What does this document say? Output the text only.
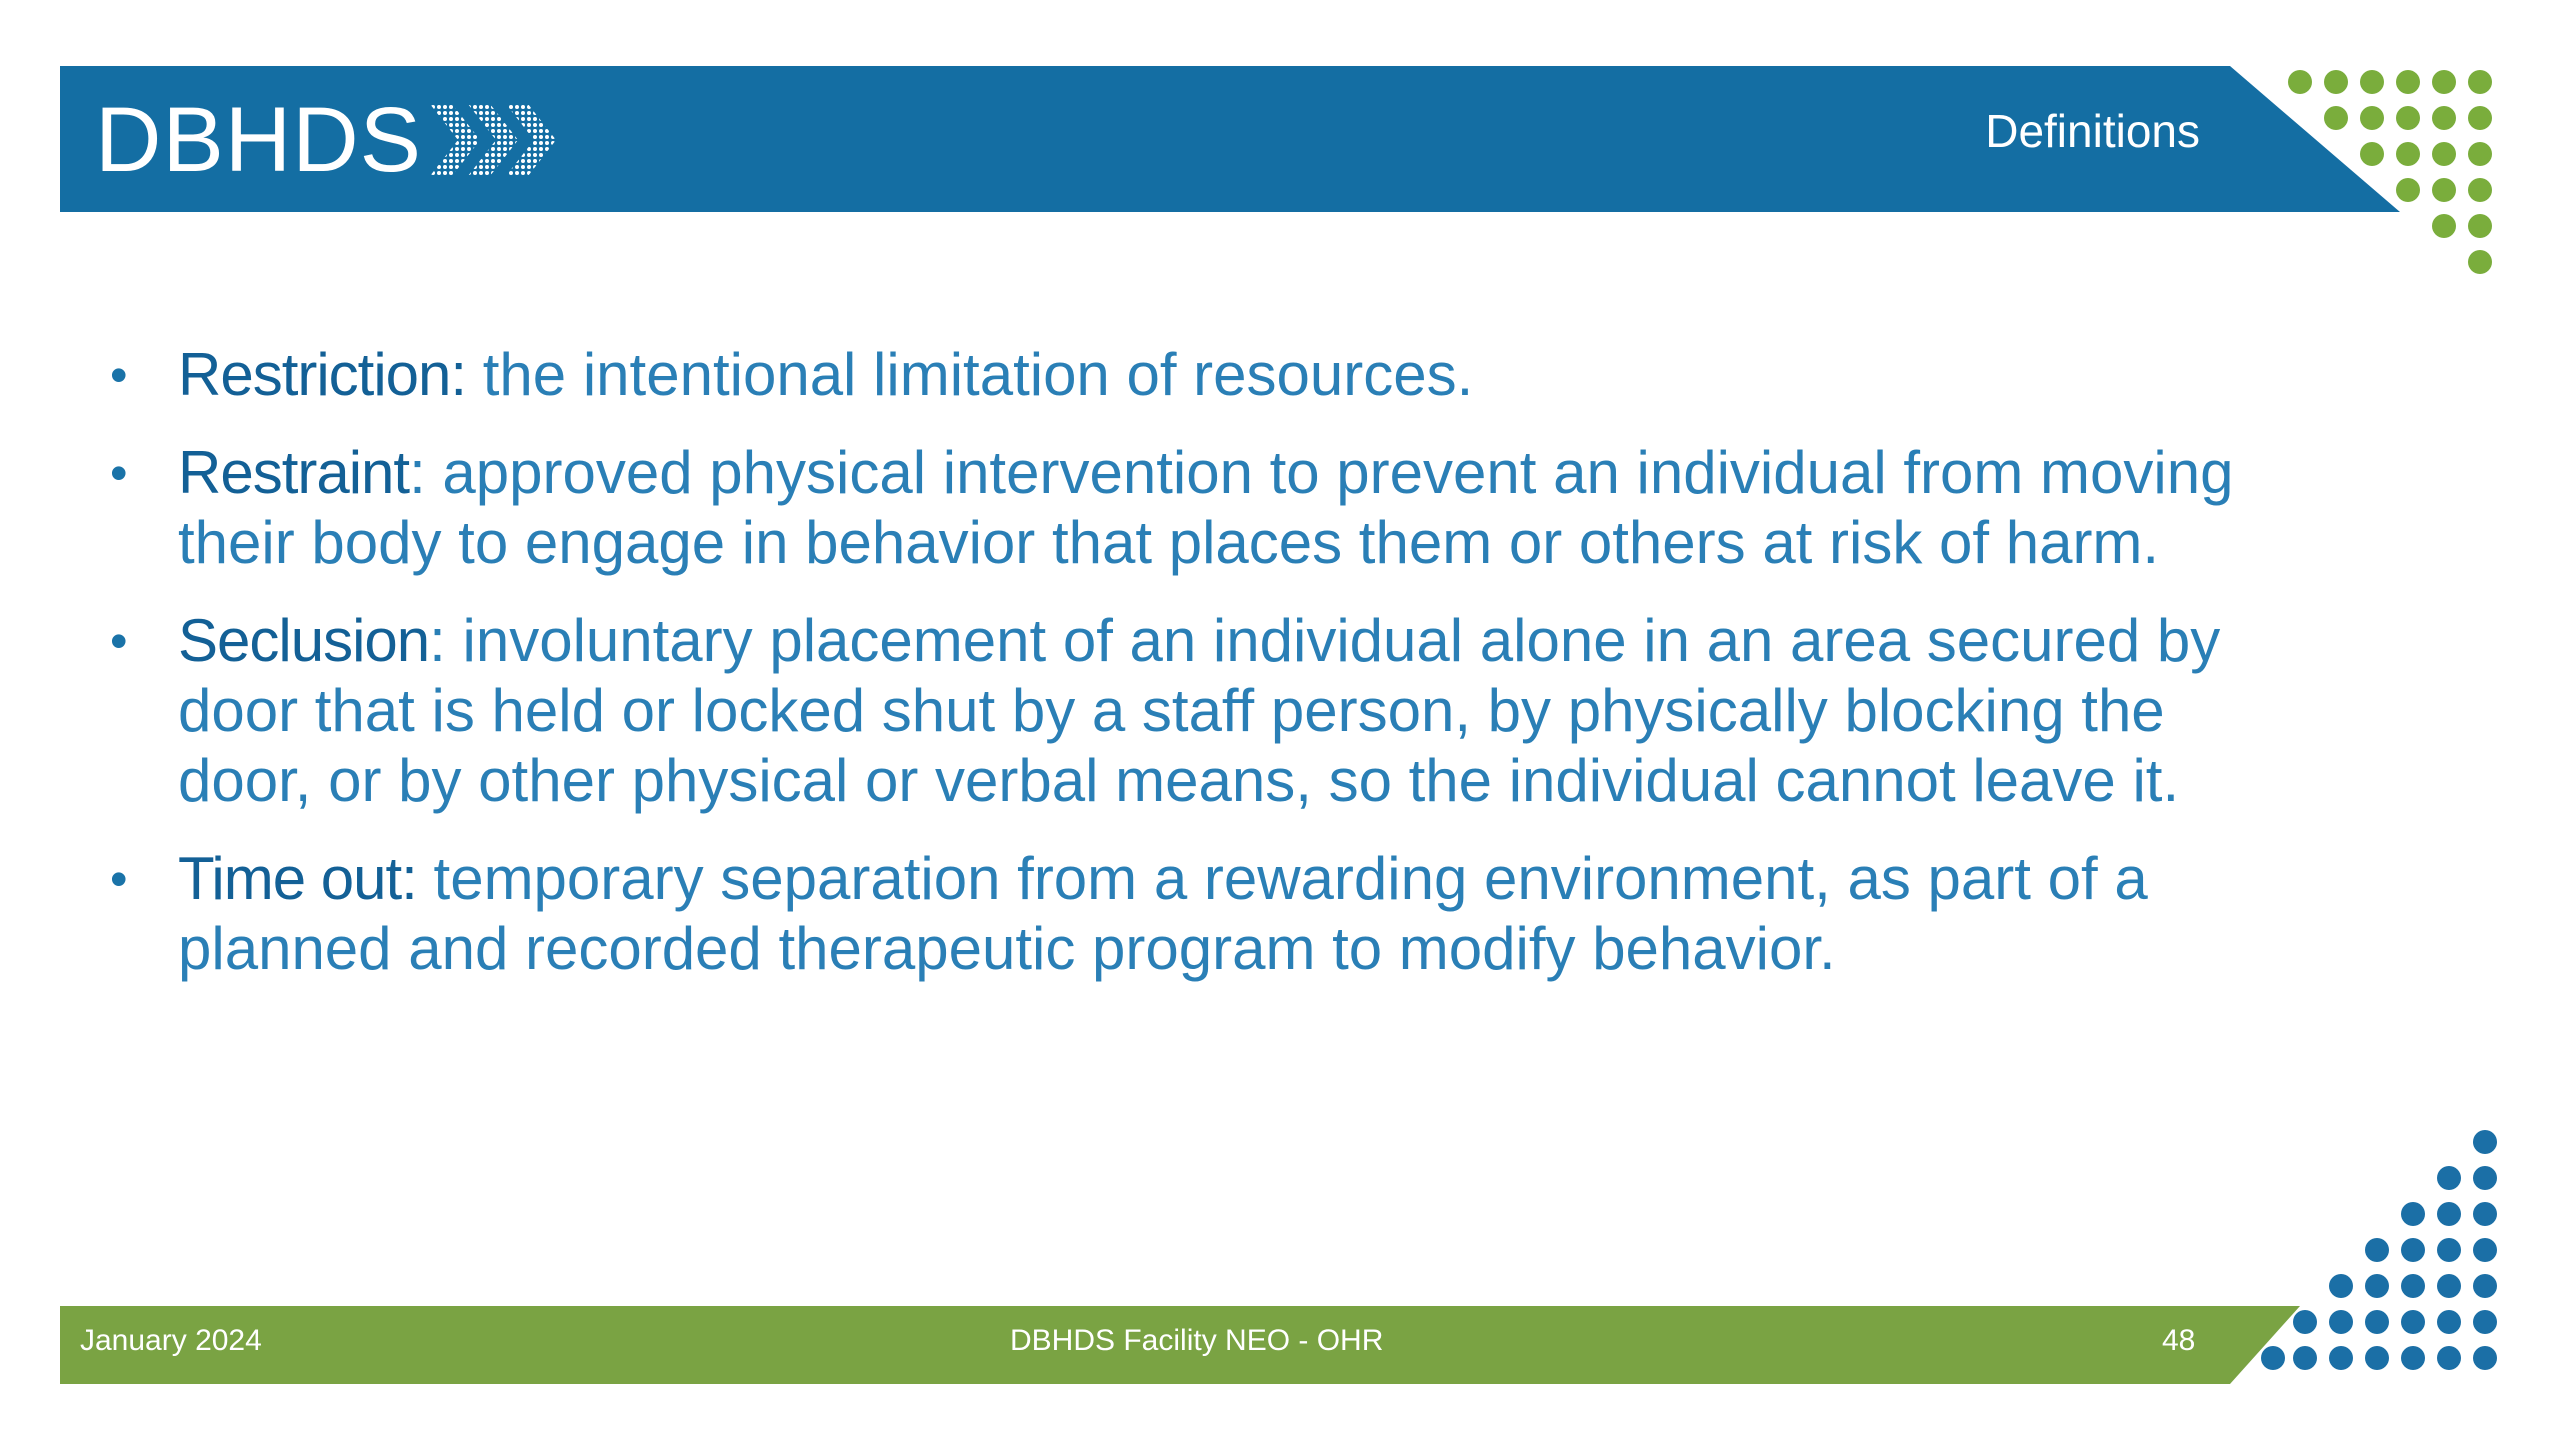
DBHDS	Definitions
• Restriction: the intentional limitation of resources.
• Restraint: approved physical intervention to prevent an individual from moving their body to engage in behavior that places them or others at risk of harm.
• Seclusion: involuntary placement of an individual alone in an area secured by door that is held or locked shut by a staff person, by physically blocking the door, or by other physical or verbal means, so the individual cannot leave it.
• Time out: temporary separation from a rewarding environment, as part of a planned and recorded therapeutic program to modify behavior.
January 2024	DBHDS Facility NEO - OHR	48
